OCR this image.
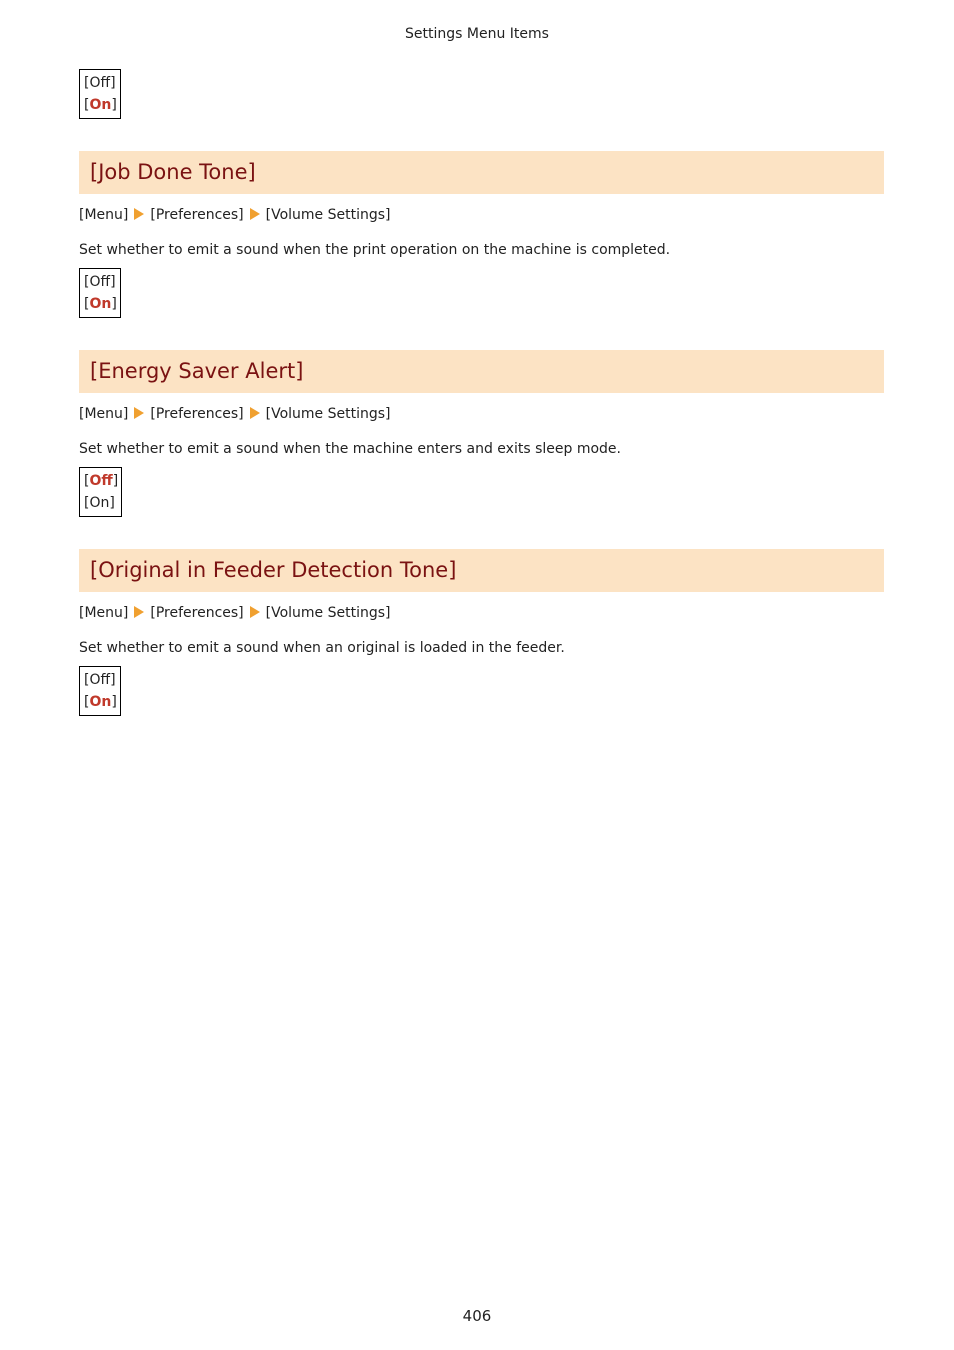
Settings Menu Items
[Off]
[On]
[Job Done Tone]
[Menu] [Preferences] [Volume Settings]
Set whether to emit a sound when the print operation on the machine is completed.
[Off]
[On]
[Energy Saver Alert]
[Menu] [Preferences] [Volume Settings]
Set whether to emit a sound when the machine enters and exits sleep mode.
[Off]
[On]
[Original in Feeder Detection Tone]
[Menu] [Preferences] [Volume Settings]
Set whether to emit a sound when an original is loaded in the feeder.
[Off]
[On]
406
